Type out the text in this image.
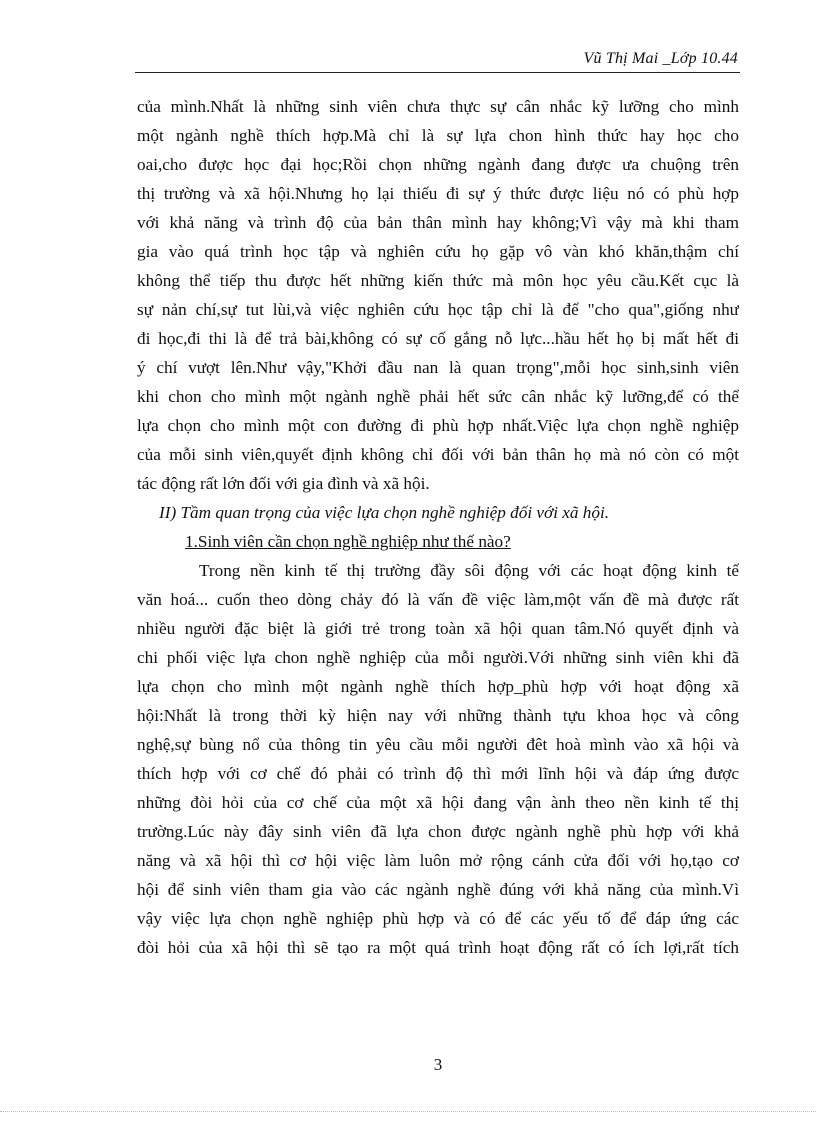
Vũ Thị Mai _Lớp 10.44
của mình.Nhất là những sinh viên chưa thực sự cân nhắc kỹ lưỡng cho mình
một ngành nghề thích hợp.Mà chỉ là sự lựa chon hình thức hay học cho
oai,cho được học đại học;Rồi chọn những ngành đang được ưa chuộng trên
thị trường và xã hội.Nhưng họ lại thiếu đi sự ý thức được liệu nó có phù hợp
với khả năng và trình độ của bản thân mình hay không;Vì vậy mà khi tham
gia vào quá trình học tập và nghiên cứu họ gặp vô vàn khó khăn,thậm chí
không thể tiếp thu được hết những kiến thức mà môn học yêu cầu.Kết cục là
sự nản chí,sự tut lùi,và việc nghiên cứu học tập chỉ là để "cho qua",giống như
đi học,đi thi là để trả bài,không có sự cố gắng nỗ lực...hầu hết họ bị mất hết đi
ý chí vượt lên.Như vậy,"Khởi đầu nan là quan trọng",mỗi học sinh,sinh viên
khi chon cho mình một ngành nghề phải hết sức cân nhắc kỹ lưỡng,để có thể
lựa chọn cho mình một con đường đi phù hợp nhất.Việc lựa chọn nghề nghiệp
của mỗi sinh viên,quyết định không chỉ đối với bản thân họ mà nó còn có một
tác động rất lớn đối với gia đình và xã hội.
II) Tầm quan trọng của việc lựa chọn nghề nghiệp đối với xã hội.
1.Sinh viên cần chọn nghề nghiệp như thế nào?
Trong nền kinh tế thị trường đầy sôi động với các hoạt động kinh tế
văn hoá... cuốn theo dòng chảy đó là vấn đề việc làm,một vấn đề mà được rất
nhiều người đặc biệt là giới trẻ trong toàn xã hội quan tâm.Nó quyết định và
chi phối việc lựa chon nghề nghiệp của mỗi người.Với những sinh viên khi đã
lựa chọn cho mình một ngành nghề thích hợp_phù hợp với hoạt động xã
hội:Nhất là trong thời kỳ hiện nay với những thành tựu khoa học và công
nghệ,sự bùng nổ của thông tin yêu cầu mỗi người đêt hoà mình vào xã hội và
thích hợp với cơ chế đó phải có trình độ thì mới lĩnh hội và đáp ứng được
những đòi hỏi của cơ chế của một xã hội đang vận ành theo nền kinh tế thị
trường.Lúc này đây sinh viên đã lựa chon được ngành nghề phù hợp với khả
năng và xã hội thì cơ hội việc làm luôn mở rộng cánh cửa đối với họ,tạo cơ
hội để sinh viên tham gia vào các ngành nghề đúng với khả năng của mình.Vì
vậy việc lựa chọn nghề nghiệp phù hợp và có để các yếu tố để đáp ứng các
đòi hỏi của xã hội thì sẽ tạo ra một quá trình hoạt động rất có ích lợi,rất tích
3
